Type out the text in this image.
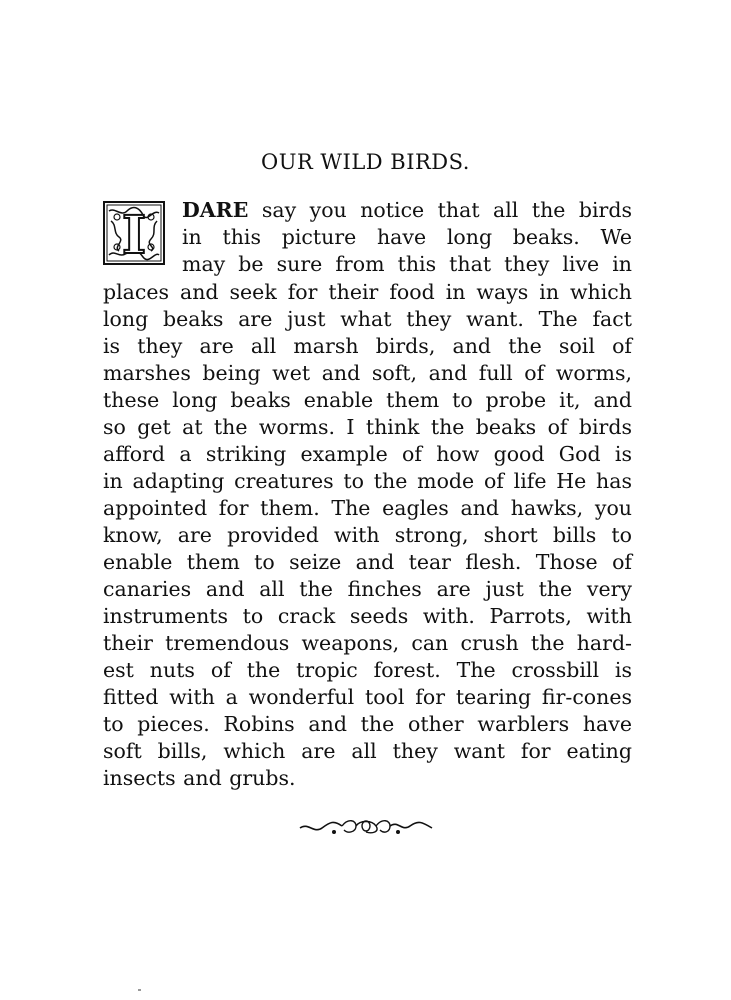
OUR WILD BIRDS.
I DARE say you notice that all the birds
in this picture have long beaks. We
may be sure from this that they live in
places and seek for their food in ways in which
long beaks are just what they want. The fact
is they are all marsh birds, and the soil of
marshes being wet and soft, and full of worms,
these long beaks enable them to probe it, and
so get at the worms. I think the beaks of birds
afford a striking example of how good God is
in adapting creatures to the mode of life He has
appointed for them. The eagles and hawks, you
know, are provided with strong, short bills to
enable them to seize and tear flesh. Those of
canaries and all the finches are just the very
instruments to crack seeds with. Parrots, with
their tremendous weapons, can crush the hard-
est nuts of the tropic forest. The crossbill is
fitted with a wonderful tool for tearing fir-cones
to pieces. Robins and the other warblers have
soft bills, which are all they want for eating
insects and grubs.
